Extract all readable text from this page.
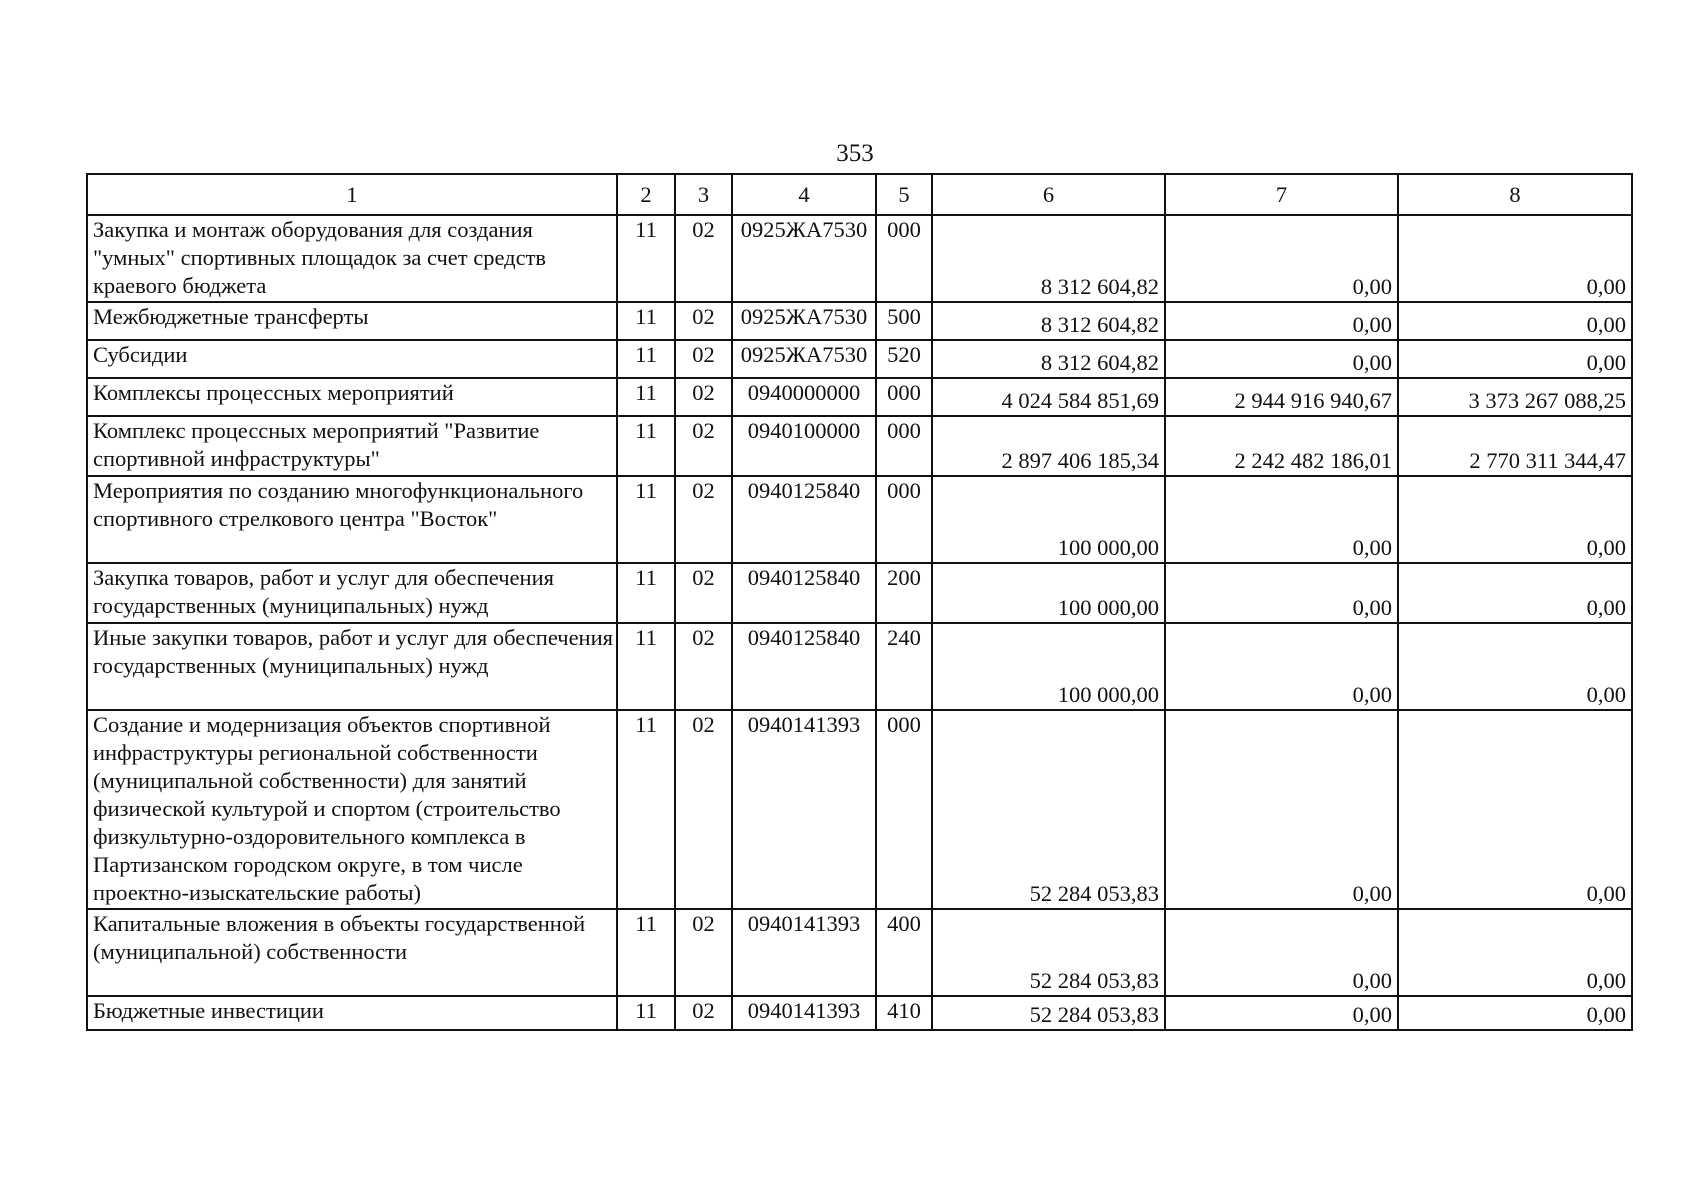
353
1	2	3	4	5	6	7	8
Закупка и монтаж оборудования для создания "умных" спортивных площадок за счет средств краевого бюджета	11	02	0925ЖА7530	000	8 312 604,82	0,00	0,00
Межбюджетные трансферты	11	02	0925ЖА7530	500	8 312 604,82	0,00	0,00
Субсидии	11	02	0925ЖА7530	520	8 312 604,82	0,00	0,00
Комплексы процессных мероприятий	11	02	0940000000	000	4 024 584 851,69	2 944 916 940,67	3 373 267 088,25
Комплекс процессных мероприятий "Развитие спортивной инфраструктуры"	11	02	0940100000	000	2 897 406 185,34	2 242 482 186,01	2 770 311 344,47
Мероприятия по созданию многофункционального спортивного стрелкового центра "Восток"	11	02	0940125840	000	100 000,00	0,00	0,00
Закупка товаров, работ и услуг для обеспечения государственных (муниципальных) нужд	11	02	0940125840	200	100 000,00	0,00	0,00
Иные закупки товаров, работ и услуг для обеспечения государственных (муниципальных) нужд	11	02	0940125840	240	100 000,00	0,00	0,00
Создание и модернизация объектов спортивной инфраструктуры региональной собственности (муниципальной собственности) для занятий физической культурой и спортом (строительство физкультурно-оздоровительного комплекса в Партизанском городском округе, в том числе проектно-изыскательские работы)	11	02	0940141393	000	52 284 053,83	0,00	0,00
Капитальные вложения в объекты государственной (муниципальной) собственности	11	02	0940141393	400	52 284 053,83	0,00	0,00
Бюджетные инвестиции	11	02	0940141393	410	52 284 053,83	0,00	0,00
